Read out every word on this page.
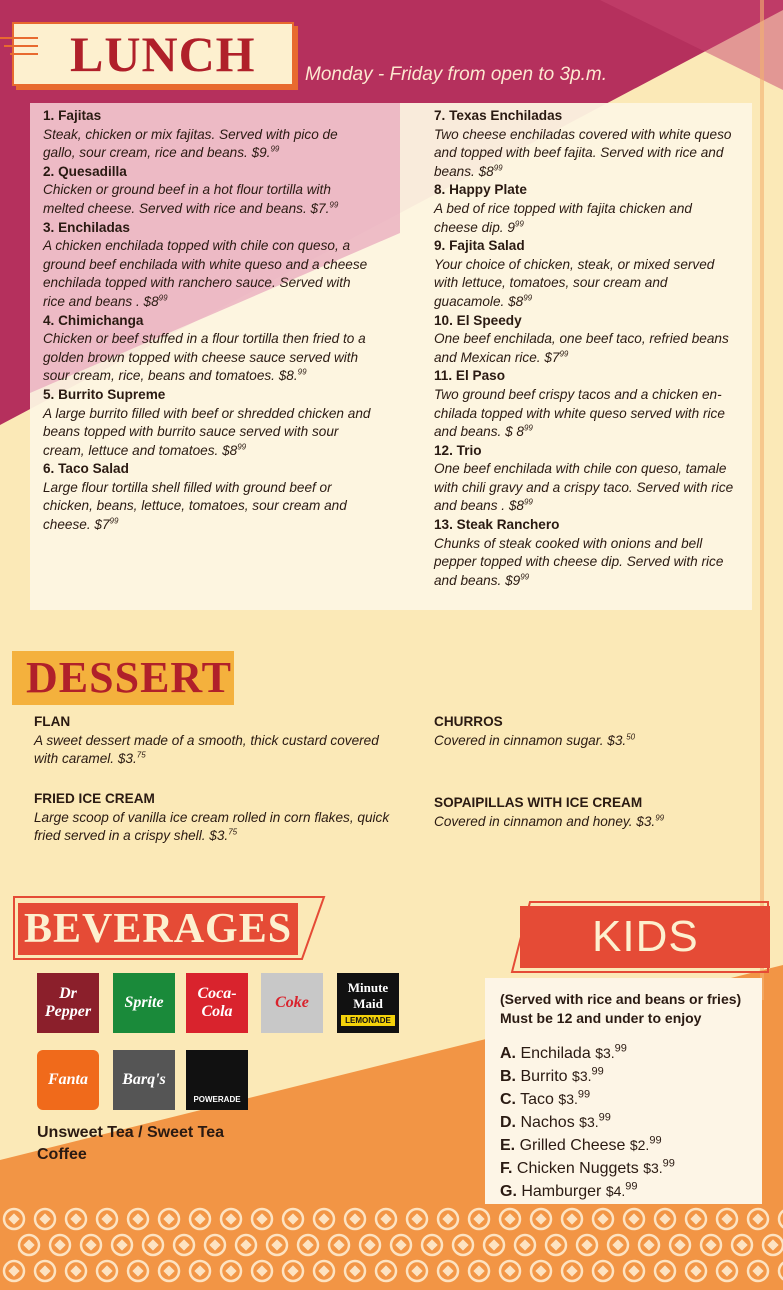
LUNCH	Monday - Friday from open to 3p.m.
1. Fajitas
Steak, chicken or mix fajitas. Served with pico de gallo, sour cream, rice and beans. $9.99
2. Quesadilla
Chicken or ground beef in a hot flour tortilla with melted cheese. Served with rice and beans. $7.99
3. Enchiladas
A chicken enchilada topped with chile con queso, a ground beef enchilada with white queso and a cheese enchilada topped with ranchero sauce. Served with rice and beans . $\$8^{99}$
4. Chimichanga
Chicken or beef stuffed in a flour tortilla then fried to a golden brown topped with cheese sauce served with sour cream, rice, beans and tomatoes. $8.99
5. Burrito Supreme
A large burrito filled with beef or shredded chicken and beans topped with burrito sauce served with sour cream, lettuce and tomatoes. $\$8^{99}$
6. Taco Salad
Large flour tortilla shell filled with ground beef or chicken, beans, lettuce, tomatoes, sour cream and cheese. $\$7^{99}$
7. Texas Enchiladas
Two cheese enchiladas covered with white queso and topped with beef fajita. Served with rice and beans. $\$8^{99}$
8. Happy Plate
A bed of rice topped with fajita chicken and cheese dip. $9^{99}$
9. Fajita Salad
Your choice of chicken, steak, or mixed served with lettuce, tomatoes, sour cream and guacamole. $\$8^{99}$
10. El Speedy
One beef enchilada, one beef taco, refried beans and Mexican rice. $\$7^{99}$
11. El Paso
Two ground beef crispy tacos and a chicken en-chilada topped with white queso served with rice and beans. $ $8^{99}$
12. Trio
One beef enchilada with chile con queso, tamale with chili gravy and a crispy taco. Served with rice and beans . $\$8^{99}$
13. Steak Ranchero
Chunks of steak cooked with onions and bell pepper topped with cheese dip. Served with rice and beans. $\$9^{99}$
DESSERT
FLAN
A sweet dessert made of a smooth, thick custard covered with caramel. $3.75
FRIED ICE CREAM
Large scoop of vanilla ice cream rolled in corn flakes, quick fried served in a crispy shell. $3.75
CHURROS
Covered in cinnamon sugar. $3.50
SOPAIPILLAS WITH ICE CREAM
Covered in cinnamon and honey. $3.99
BEVERAGES
Dr Pepper
Sprite
Coca-Cola
Coke
Minute Maid
LEMONADE
Fanta Barq's
POWERADE
Unsweet Tea / Sweet Tea
Coffee
KIDS
(Served with rice and beans or fries)
Must be 12 and under to enjoy
A. Enchilada $3.99
B. Burrito $3.99
C. Taco $3.99
D. Nachos $3.99
E. Grilled Cheese $2.99
F. Chicken Nuggets $3.99
G. Hamburger $4.99
